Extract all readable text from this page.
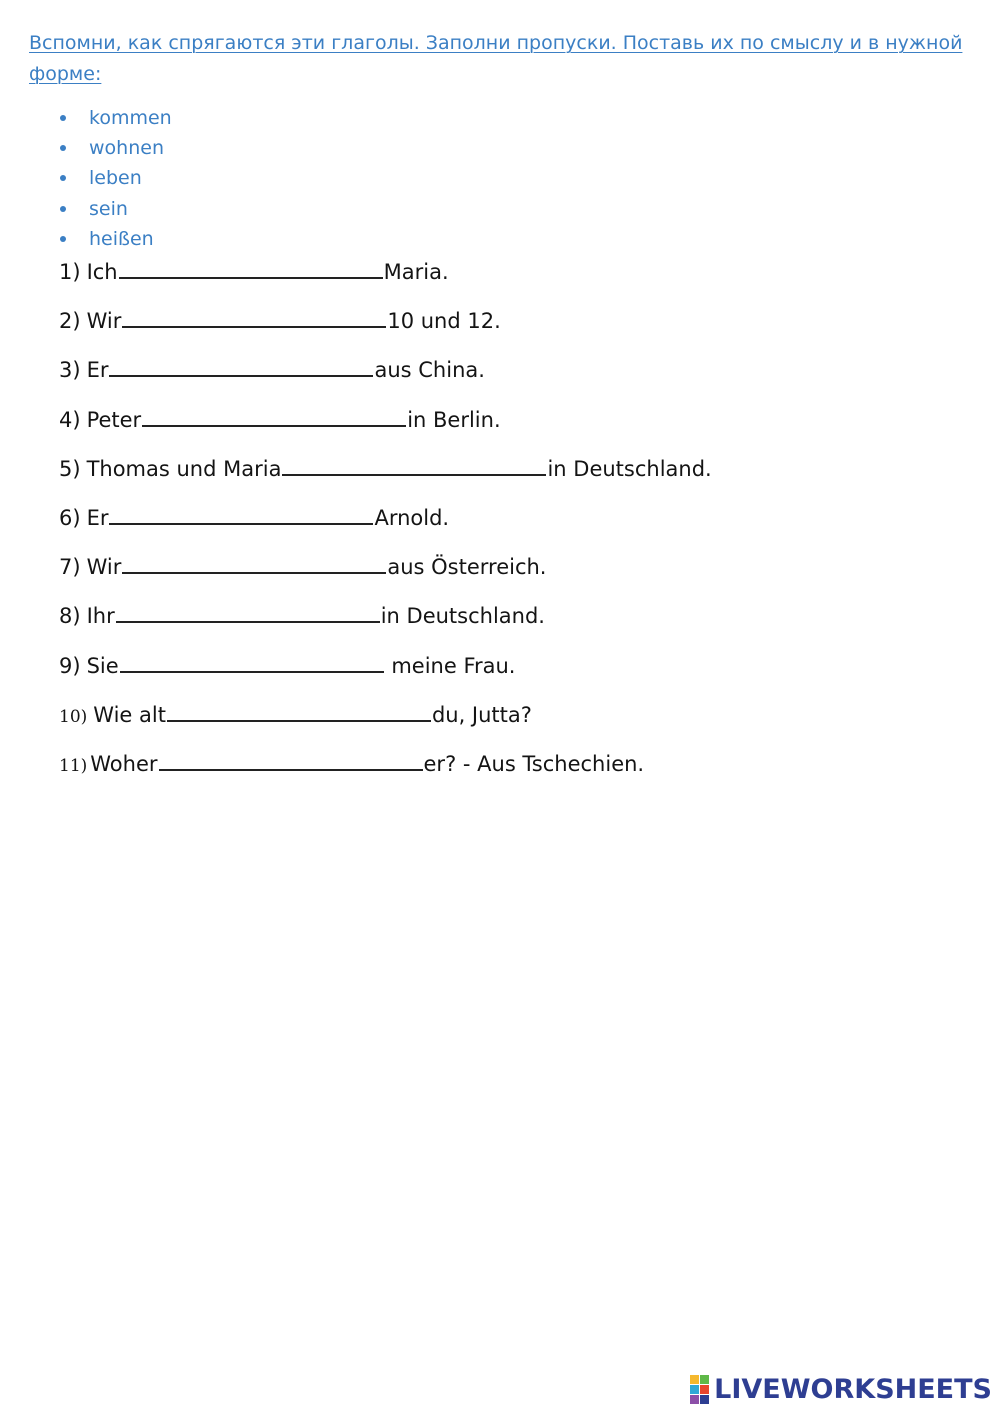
Вспомни, как спрягаются эти глаголы. Заполни пропуски. Поставь их по смыслу и в нужной форме:

kommen
wohnen
leben
sein
heißen
1) Ich	Maria.
2) Wir	10 und 12.
3) Er	aus China.
4) Peter	in Berlin.
5) Thomas und Maria	in Deutschland.
6) Er	Arnold.
7) Wir	aus Österreich.
8) Ihr	in Deutschland.
9) Sie	meine Frau.
10) Wie alt	du, Jutta?
11) Woher	er? - Aus Tschechien.
LIVEWORKSHEETS
